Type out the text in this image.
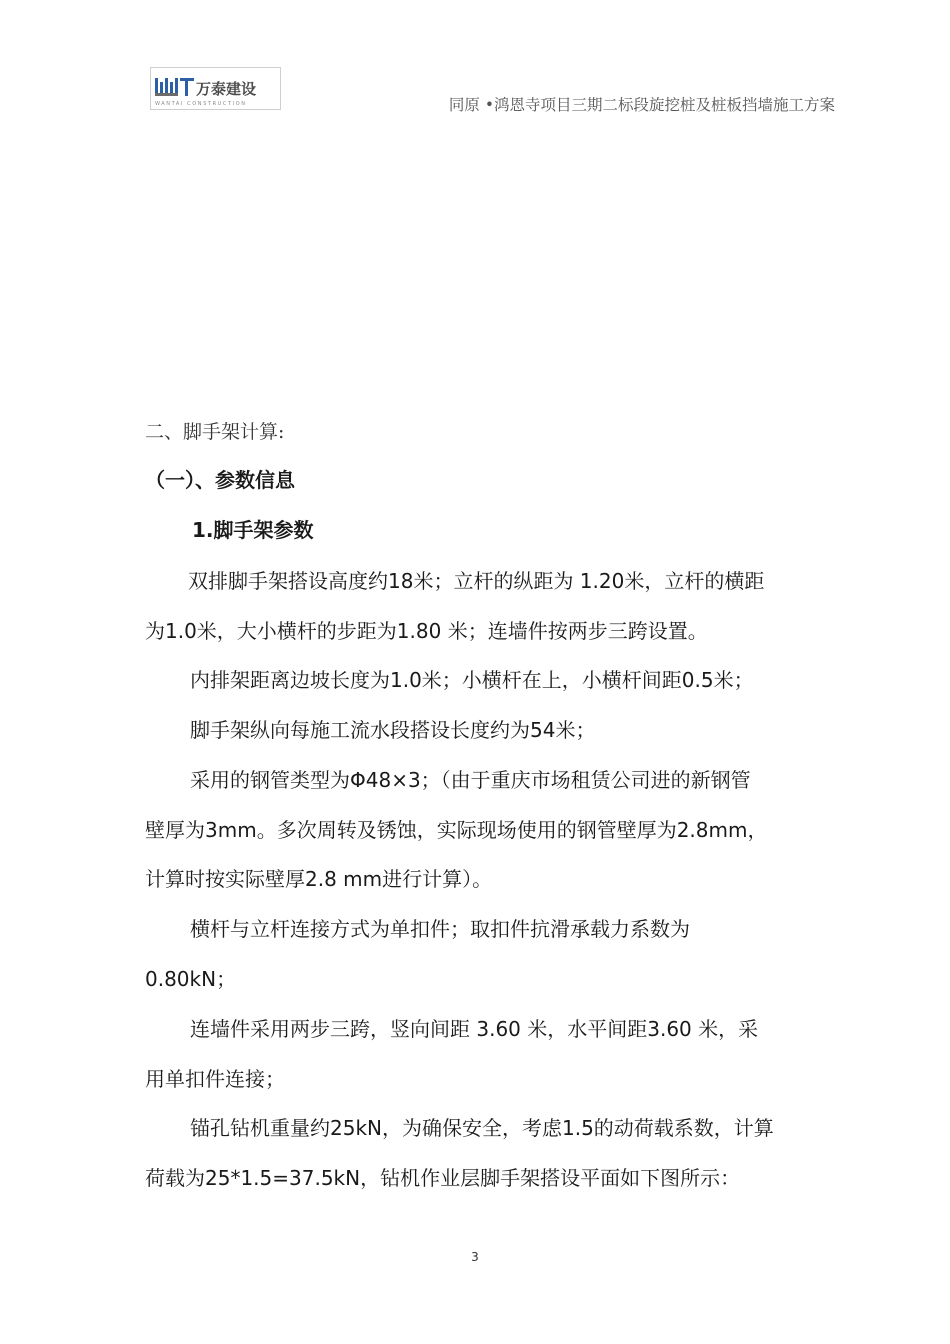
万泰建设
WANTAI CONSTRUCTION	同原 •鸿恩寺项目三期二标段旋挖桩及桩板挡墙施工方案
二、脚手架计算:
（一）、参数信息
1.脚手架参数
双排脚手架搭设高度约18米；立杆的纵距为 1.20米，立杆的横距
为1.0米，大小横杆的步距为1.80 米；连墙件按两步三跨设置。
内排架距离边坡长度为1.0米；小横杆在上，小横杆间距0.5米；
脚手架纵向每施工流水段搭设长度约为54米；
采用的钢管类型为Φ48×3；（由于重庆市场租赁公司进的新钢管
壁厚为3mm。多次周转及锈蚀，实际现场使用的钢管壁厚为2.8mm，
计算时按实际壁厚2.8 mm进行计算）。
横杆与立杆连接方式为单扣件；取扣件抗滑承载力系数为
0.80kN；
连墙件采用两步三跨，竖向间距 3.60 米，水平间距3.60 米，采
用单扣件连接；
锚孔钻机重量约25kN，为确保安全，考虑1.5的动荷载系数，计算
荷载为25*1.5=37.5kN，钻机作业层脚手架搭设平面如下图所示：
3
